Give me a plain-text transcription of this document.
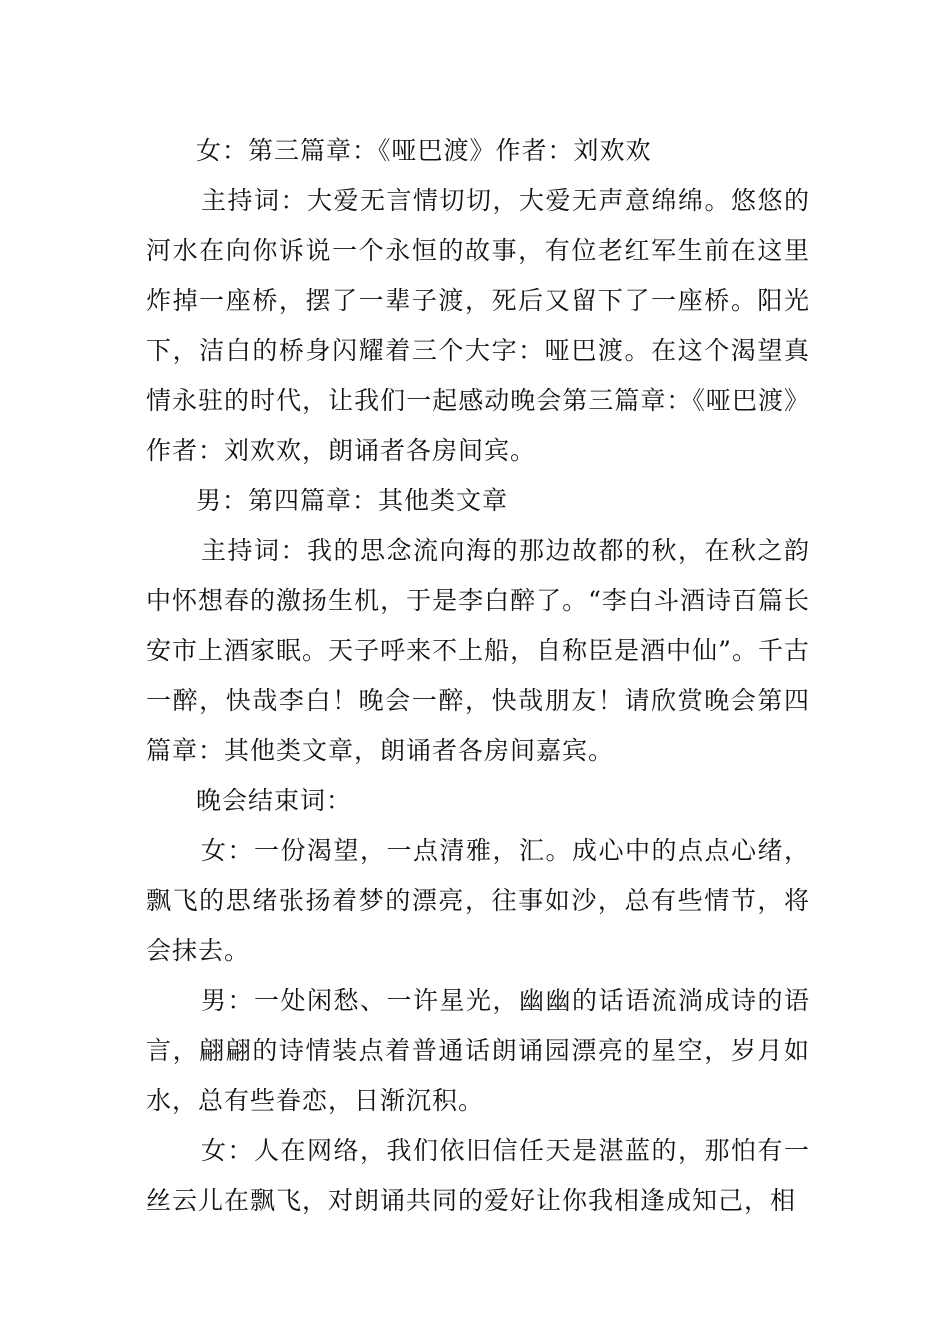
女：第三篇章：《哑巴渡》作者：刘欢欢

主持词：大爱无言情切切，大爱无声意绵绵。悠悠的河水在向你诉说一个永恒的故事，有位老红军生前在这里炸掉一座桥，摆了一辈子渡，死后又留下了一座桥。阳光下，洁白的桥身闪耀着三个大字：哑巴渡。在这个渴望真情永驻的时代，让我们一起感动晚会第三篇章：《哑巴渡》作者：刘欢欢，朗诵者各房间宾。

男：第四篇章：其他类文章

主持词：我的思念流向海的那边故都的秋，在秋之韵中怀想春的激扬生机，于是李白醉了。“李白斗酒诗百篇长安市上酒家眠。天子呼来不上船，自称臣是酒中仙”。千古一醉，快哉李白！晚会一醉，快哉朋友！请欣赏晚会第四篇章：其他类文章，朗诵者各房间嘉宾。

晚会结束词：

女：一份渴望，一点清雅，汇。成心中的点点心绪，飘飞的思绪张扬着梦的漂亮，往事如沙，总有些情节，将会抹去。

男：一处闲愁、一许星光，幽幽的话语流淌成诗的语言，翩翩的诗情装点着普通话朗诵园漂亮的星空，岁月如水，总有些眷恋，日渐沉积。

女：人在网络，我们依旧信任天是湛蓝的，那怕有一丝云儿在飘飞，对朗诵共同的爱好让你我相逢成知己，相
